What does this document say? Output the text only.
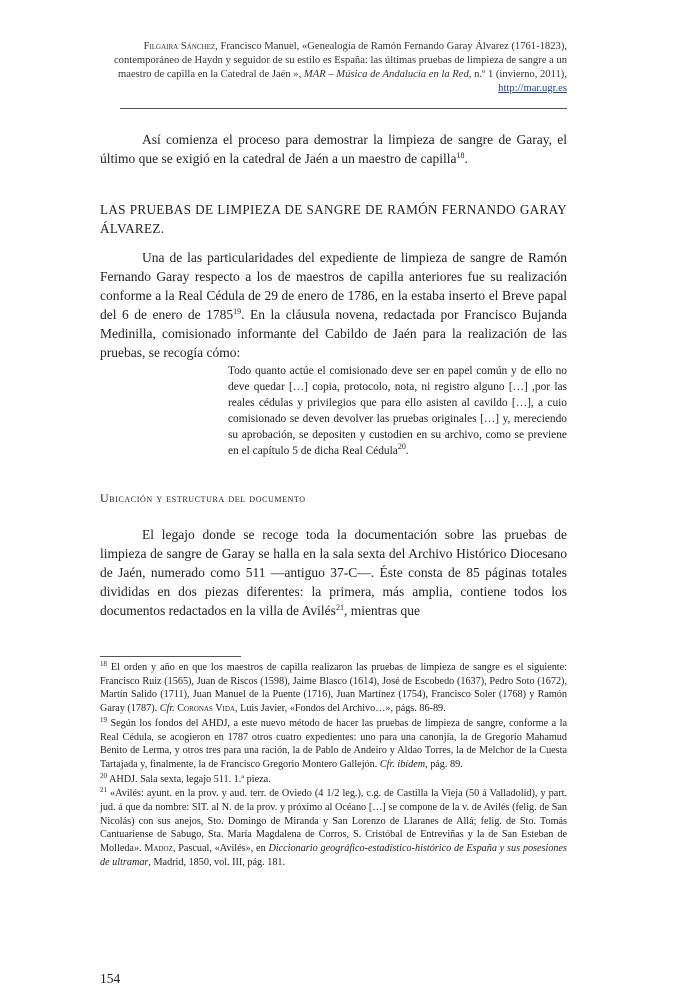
Filgaira Sánchez, Francisco Manuel, «Genealogía de Ramón Fernando Garay Álvarez (1761-1823), contemporáneo de Haydn y seguidor de su estilo es España: las últimas pruebas de limpieza de sangre a un maestro de capilla en la Catedral de Jaén », MAR – Música de Andalucía en la Red, n.º 1 (invierno, 2011), http://mar.ugr.es

Así comienza el proceso para demostrar la limpieza de sangre de Garay, el último que se exigió en la catedral de Jaén a un maestro de capilla$^{18}$.

LAS PRUEBAS DE LIMPIEZA DE SANGRE DE RAMÓN FERNANDO GARAY ÁLVAREZ.

Una de las particularidades del expediente de limpieza de sangre de Ramón Fernando Garay respecto a los de maestros de capilla anteriores fue su realización conforme a la Real Cédula de 29 de enero de 1786, en la estaba inserto el Breve papal del 6 de enero de 1785$^{19}$. En la cláusula novena, redactada por Francisco Bujanda Medinilla, comisionado informante del Cabildo de Jaén para la realización de las pruebas, se recogía cómo:

Todo quanto actúe el comisionado deve ser en papel común y de ello no deve quedar […] copia, protocolo, nota, ni registro alguno […] ,por las reales cédulas y privilegios que para ello asisten al cavildo […], a cuio comisionado se deven devolver las pruebas originales […] y, mereciendo su aprobación, se depositen y custodien en su archivo, como se previene en el capítulo 5 de dicha Real Cédula$^{20}$.

Ubicación y estructura del documento

El legajo donde se recoge toda la documentación sobre las pruebas de limpieza de sangre de Garay se halla en la sala sexta del Archivo Histórico Diocesano de Jaén, numerado como 511 —antiguo 37-C—. Éste consta de 85 páginas totales divididas en dos piezas diferentes: la primera, más amplia, contiene todos los documentos redactados en la villa de Avilés$^{21}$, mientras que

$^{18}$ El orden y año en que los maestros de capilla realizaron las pruebas de limpieza de sangre es el siguiente: Francisco Ruiz (1565), Juan de Riscos (1598), Jaime Blasco (1614), José de Escobedo (1637), Pedro Soto (1672), Martín Salido (1711), Juan Manuel de la Puente (1716), Juan Martínez (1754), Francisco Soler (1768) y Ramón Garay (1787). Cfr. Coronas Vida, Luis Javier, «Fondos del Archivo…», págs. 86-89.

$^{19}$ Según los fondos del AHDJ, a este nuevo método de hacer las pruebas de limpieza de sangre, conforme a la Real Cédula, se acogieron en 1787 otros cuatro expedientes: uno para una canonjía, la de Gregorio Mahamud Benito de Lerma, y otros tres para una ración, la de Pablo de Andeiro y Aldao Torres, la de Melchor de la Cuesta Tartajada y, finalmente, la de Francisco Gregorio Montero Gallejón. Cfr. ibídem, pág. 89.

$^{20}$ AHDJ. Sala sexta, legajo 511. 1.ª pieza.

$^{21}$ «Avilés: ayunt. en la prov. y aud. terr. de Oviedo (4 1/2 leg.), c.g. de Castilla la Vieja (50 á Valladolid), y part. jud. á que da nombre: SIT. al N. de la prov. y próximo al Océano […] se compone de la v. de Avilés (felig. de San Nicolás) con sus anejos, Sto. Domingo de Miranda y San Lorenzo de Llaranes de Allá; felig. de Sto. Tomás Cantuariense de Sabugo, Sta. María Magdalena de Corros, S. Cristóbal de Entreviñas y la de San Esteban de Molleda». Madoz, Pascual, «Avilés», en Diccionario geográfico-estadístico-histórico de España y sus posesiones de ultramar, Madrid, 1850, vol. III, pág. 181.

154
